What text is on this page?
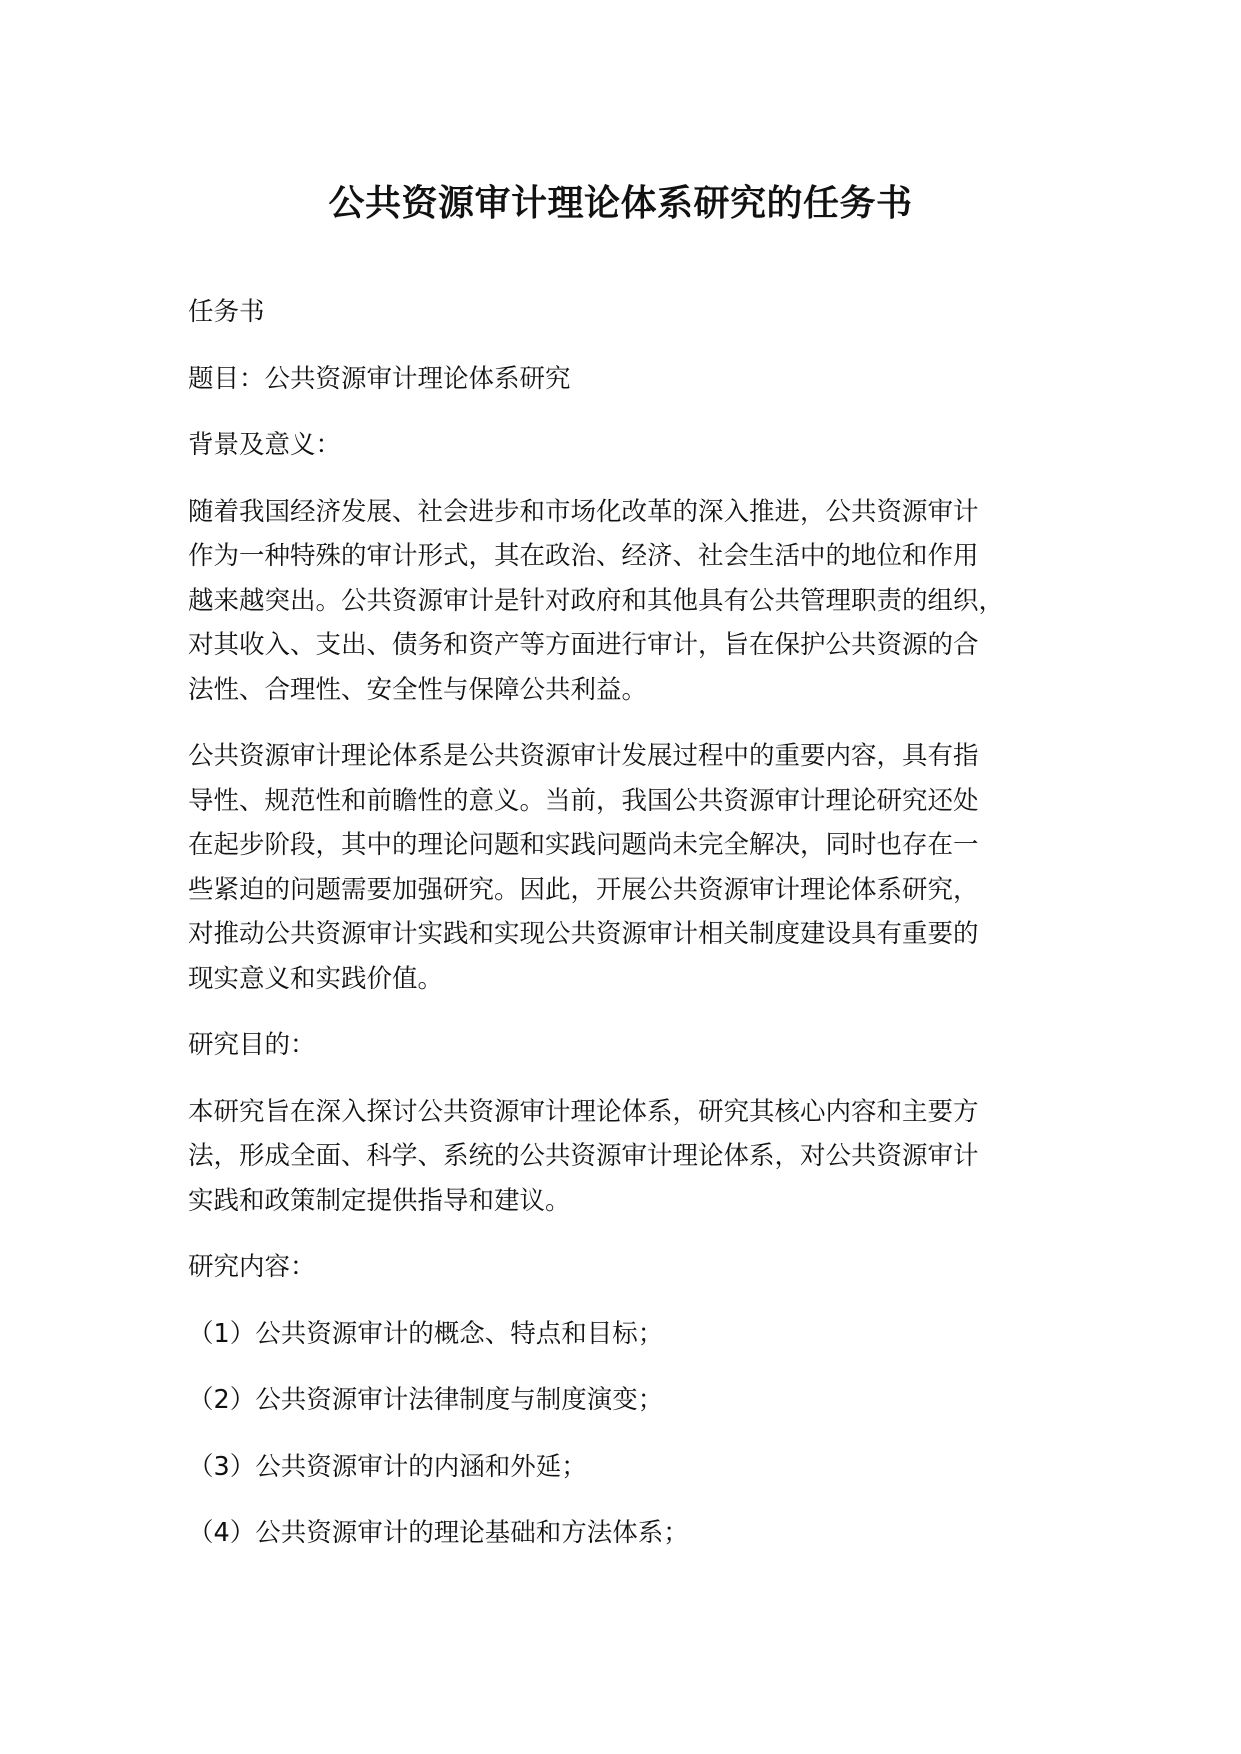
公共资源审计理论体系研究的任务书

任务书

题目：公共资源审计理论体系研究

背景及意义：

随着我国经济发展、社会进步和市场化改革的深入推进，公共资源审计

作为一种特殊的审计形式，其在政治、经济、社会生活中的地位和作用

越来越突出。公共资源审计是针对政府和其他具有公共管理职责的组织，

对其收入、支出、债务和资产等方面进行审计，旨在保护公共资源的合

法性、合理性、安全性与保障公共利益。

公共资源审计理论体系是公共资源审计发展过程中的重要内容，具有指

导性、规范性和前瞻性的意义。当前，我国公共资源审计理论研究还处

在起步阶段，其中的理论问题和实践问题尚未完全解决，同时也存在一

些紧迫的问题需要加强研究。因此，开展公共资源审计理论体系研究，

对推动公共资源审计实践和实现公共资源审计相关制度建设具有重要的

现实意义和实践价值。

研究目的：

本研究旨在深入探讨公共资源审计理论体系，研究其核心内容和主要方

法，形成全面、科学、系统的公共资源审计理论体系，对公共资源审计

实践和政策制定提供指导和建议。

研究内容：

（1）公共资源审计的概念、特点和目标；

（2）公共资源审计法律制度与制度演变；

（3）公共资源审计的内涵和外延；

（4）公共资源审计的理论基础和方法体系；
